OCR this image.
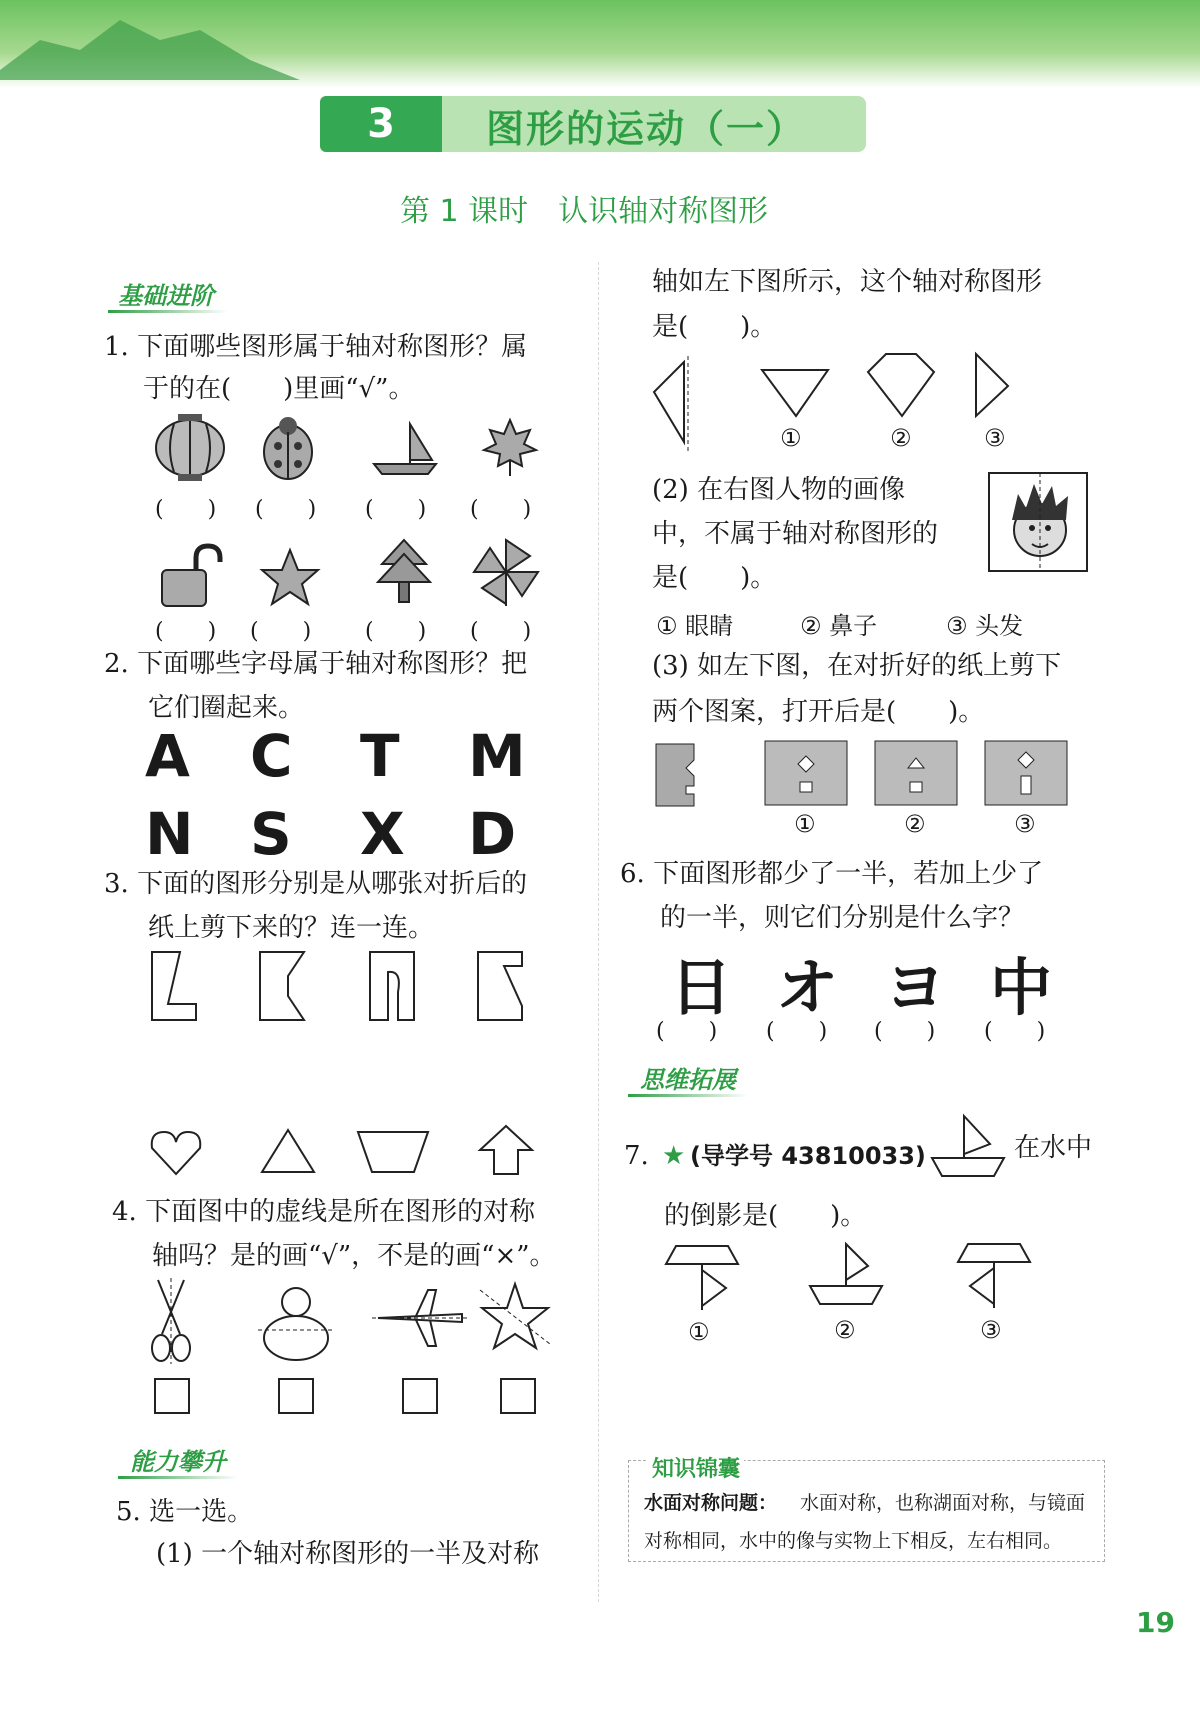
3	图形的运动（一）
第 1 课时　认识轴对称图形
基础进阶
1. 下面哪些图形属于轴对称图形？属
于的在(　　)里画“√”。
(　　) (　　) (　　) (　　)
(　　) (　　) (　　) (　　)
2. 下面哪些字母属于轴对称图形？把
它们圈起来。
A C T M
N S X D
3. 下面的图形分别是从哪张对折后的
纸上剪下来的？连一连。
4. 下面图中的虚线是所在图形的对称
轴吗？是的画“√”，不是的画“×”。
能力攀升
5. 选一选。
(1) 一个轴对称图形的一半及对称
轴如左下图所示，这个轴对称图形
是(　　)。
①	②	③
(2) 在右图人物的画像
中，不属于轴对称图形的
是(　　)。
① 眼睛	② 鼻子	③ 头发
(3) 如左下图，在对折好的纸上剪下
两个图案，打开后是(　　)。
①	②	③
6. 下面图形都少了一半，若加上少了
的一半，则它们分别是什么字？
日 オ ヨ 中
(　　) (　　) (　　) (　　)
思维拓展
7. ★ (导学号 43810033)	在水中
的倒影是(　　)。
①	②	③
知识锦囊
水面对称问题： 水面对称，也称湖面对称，与镜面
对称相同，水中的像与实物上下相反，左右相同。
19
